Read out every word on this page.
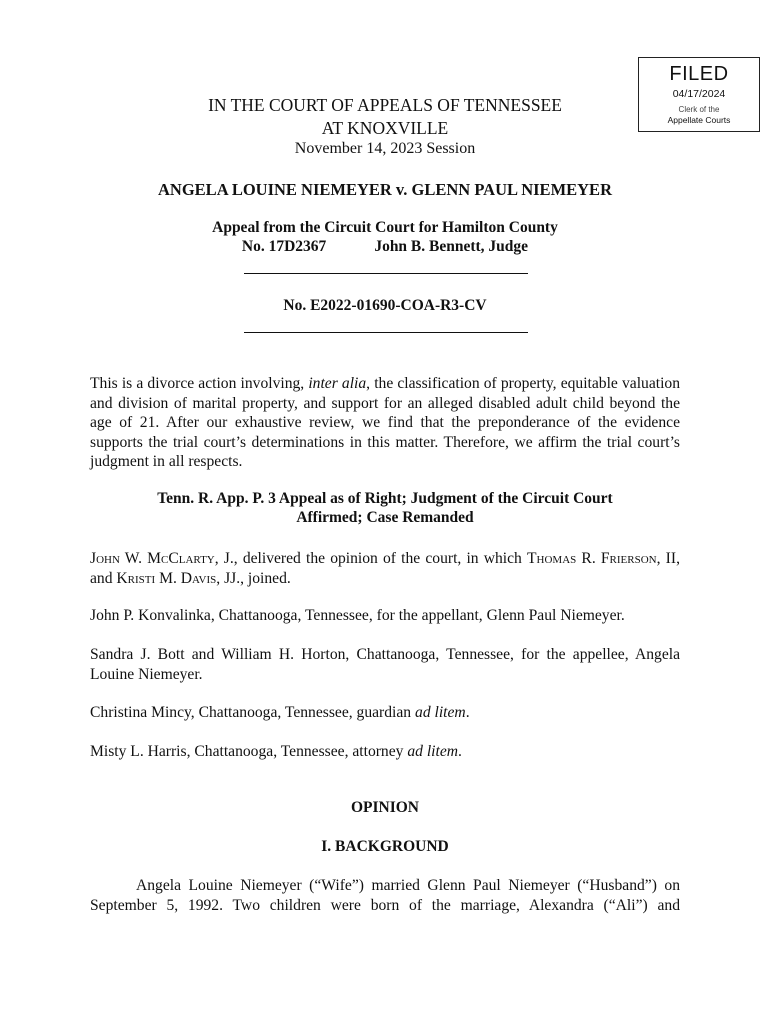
FILED
04/17/2024
Clerk of the
Appellate Courts
IN THE COURT OF APPEALS OF TENNESSEE
AT KNOXVILLE
November 14, 2023 Session
ANGELA LOUINE NIEMEYER v. GLENN PAUL NIEMEYER
Appeal from the Circuit Court for Hamilton County
No. 17D2367	John B. Bennett, Judge
No. E2022-01690-COA-R3-CV
This is a divorce action involving, inter alia, the classification of property, equitable valuation and division of marital property, and support for an alleged disabled adult child beyond the age of 21. After our exhaustive review, we find that the preponderance of the evidence supports the trial court’s determinations in this matter. Therefore, we affirm the trial court’s judgment in all respects.
Tenn. R. App. P. 3 Appeal as of Right; Judgment of the Circuit Court
Affirmed; Case Remanded
John W. McClarty, J., delivered the opinion of the court, in which Thomas R. Frierson, II, and Kristi M. Davis, JJ., joined.
John P. Konvalinka, Chattanooga, Tennessee, for the appellant, Glenn Paul Niemeyer.
Sandra J. Bott and William H. Horton, Chattanooga, Tennessee, for the appellee, Angela Louine Niemeyer.
Christina Mincy, Chattanooga, Tennessee, guardian ad litem.
Misty L. Harris, Chattanooga, Tennessee, attorney ad litem.
OPINION
I. BACKGROUND
Angela Louine Niemeyer (“Wife”) married Glenn Paul Niemeyer (“Husband”) on September 5, 1992. Two children were born of the marriage, Alexandra (“Ali”) and
